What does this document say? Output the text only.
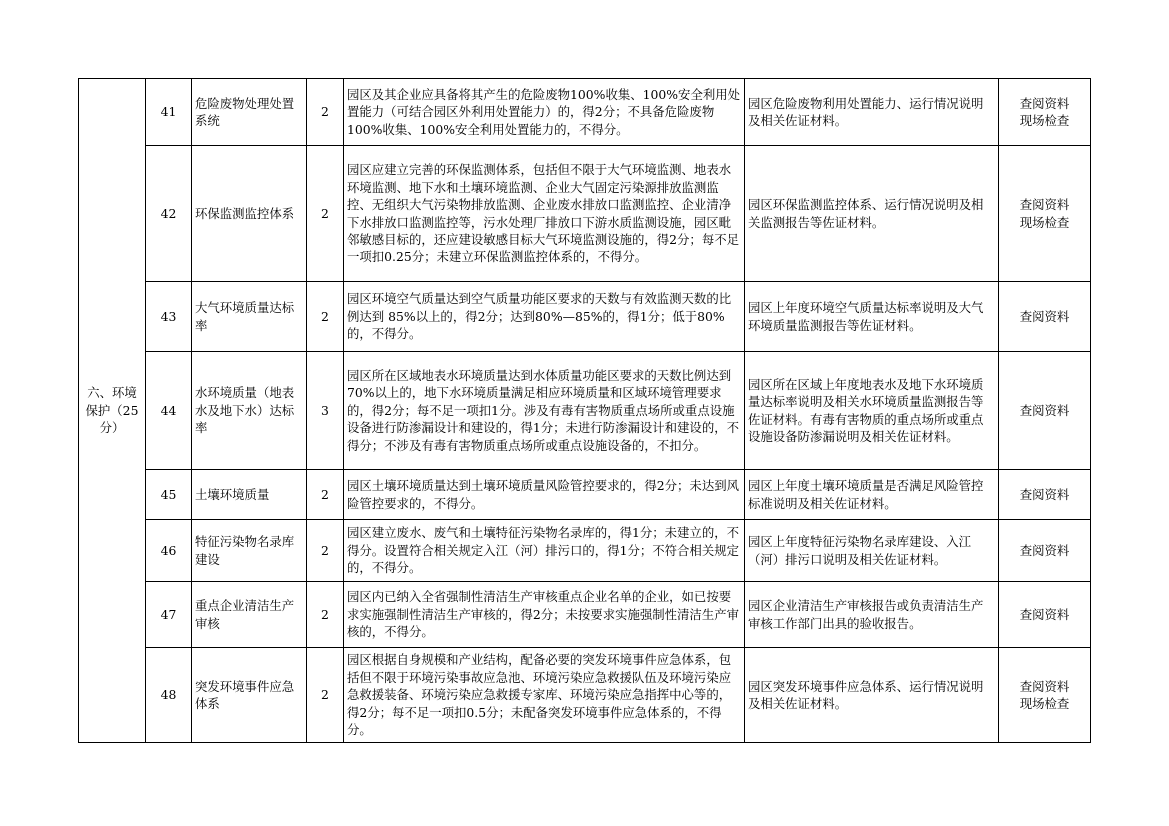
六、环境保护（25分）	41	危险废物处理处置系统	2	园区及其企业应具备将其产生的危险废物100%收集、100%安全利用处置能力（可结合园区外利用处置能力）的，得2分；不具备危险废物100%收集、100%安全利用处置能力的，不得分。	园区危险废物利用处置能力、运行情况说明及相关佐证材料。	查阅资料
现场检查

	42	环保监测监控体系	2	园区应建立完善的环保监测体系，包括但不限于大气环境监测、地表水环境监测、地下水和土壤环境监测、企业大气固定污染源排放监测监控、无组织大气污染物排放监测、企业废水排放口监测监控、企业清净下水排放口监测监控等，污水处理厂排放口下游水质监测设施，园区毗邻敏感目标的，还应建设敏感目标大气环境监测设施的，得2分；每不足一项扣0.25分；未建立环保监测监控体系的，不得分。	园区环保监测监控体系、运行情况说明及相关监测报告等佐证材料。	查阅资料
现场检查

	43	大气环境质量达标率	2	园区环境空气质量达到空气质量功能区要求的天数与有效监测天数的比例达到 85%以上的，得2分；达到80%—85%的，得1分；低于80%的，不得分。	园区上年度环境空气质量达标率说明及大气环境质量监测报告等佐证材料。	查阅资料

	44	水环境质量（地表水及地下水）达标率	3	园区所在区域地表水环境质量达到水体质量功能区要求的天数比例达到70%以上的，地下水环境质量满足相应环境质量和区域环境管理要求的，得2分；每不足一项扣1分。涉及有毒有害物质重点场所或重点设施设备进行防渗漏设计和建设的，得1分；未进行防渗漏设计和建设的，不得分；不涉及有毒有害物质重点场所或重点设施设备的，不扣分。	园区所在区域上年度地表水及地下水环境质量达标率说明及相关水环境质量监测报告等佐证材料。有毒有害物质的重点场所或重点设施设备防渗漏说明及相关佐证材料。	查阅资料

	45	土壤环境质量	2	园区土壤环境质量达到土壤环境质量风险管控要求的，得2分；未达到风险管控要求的，不得分。	园区上年度土壤环境质量是否满足风险管控标准说明及相关佐证材料。	查阅资料

	46	特征污染物名录库建设	2	园区建立废水、废气和土壤特征污染物名录库的，得1分；未建立的，不得分。设置符合相关规定入江（河）排污口的，得1分；不符合相关规定的，不得分。	园区上年度特征污染物名录库建设、入江（河）排污口说明及相关佐证材料。	查阅资料

	47	重点企业清洁生产审核	2	园区内已纳入全省强制性清洁生产审核重点企业名单的企业，如已按要求实施强制性清洁生产审核的，得2分；未按要求实施强制性清洁生产审核的，不得分。	园区企业清洁生产审核报告或负责清洁生产审核工作部门出具的验收报告。	查阅资料

	48	突发环境事件应急体系	2	园区根据自身规模和产业结构，配备必要的突发环境事件应急体系，包括但不限于环境污染事故应急池、环境污染应急救援队伍及环境污染应急救援装备、环境污染应急救援专家库、环境污染应急指挥中心等的，得2分；每不足一项扣0.5分；未配备突发环境事件应急体系的，不得分。	园区突发环境事件应急体系、运行情况说明及相关佐证材料。	查阅资料
现场检查
